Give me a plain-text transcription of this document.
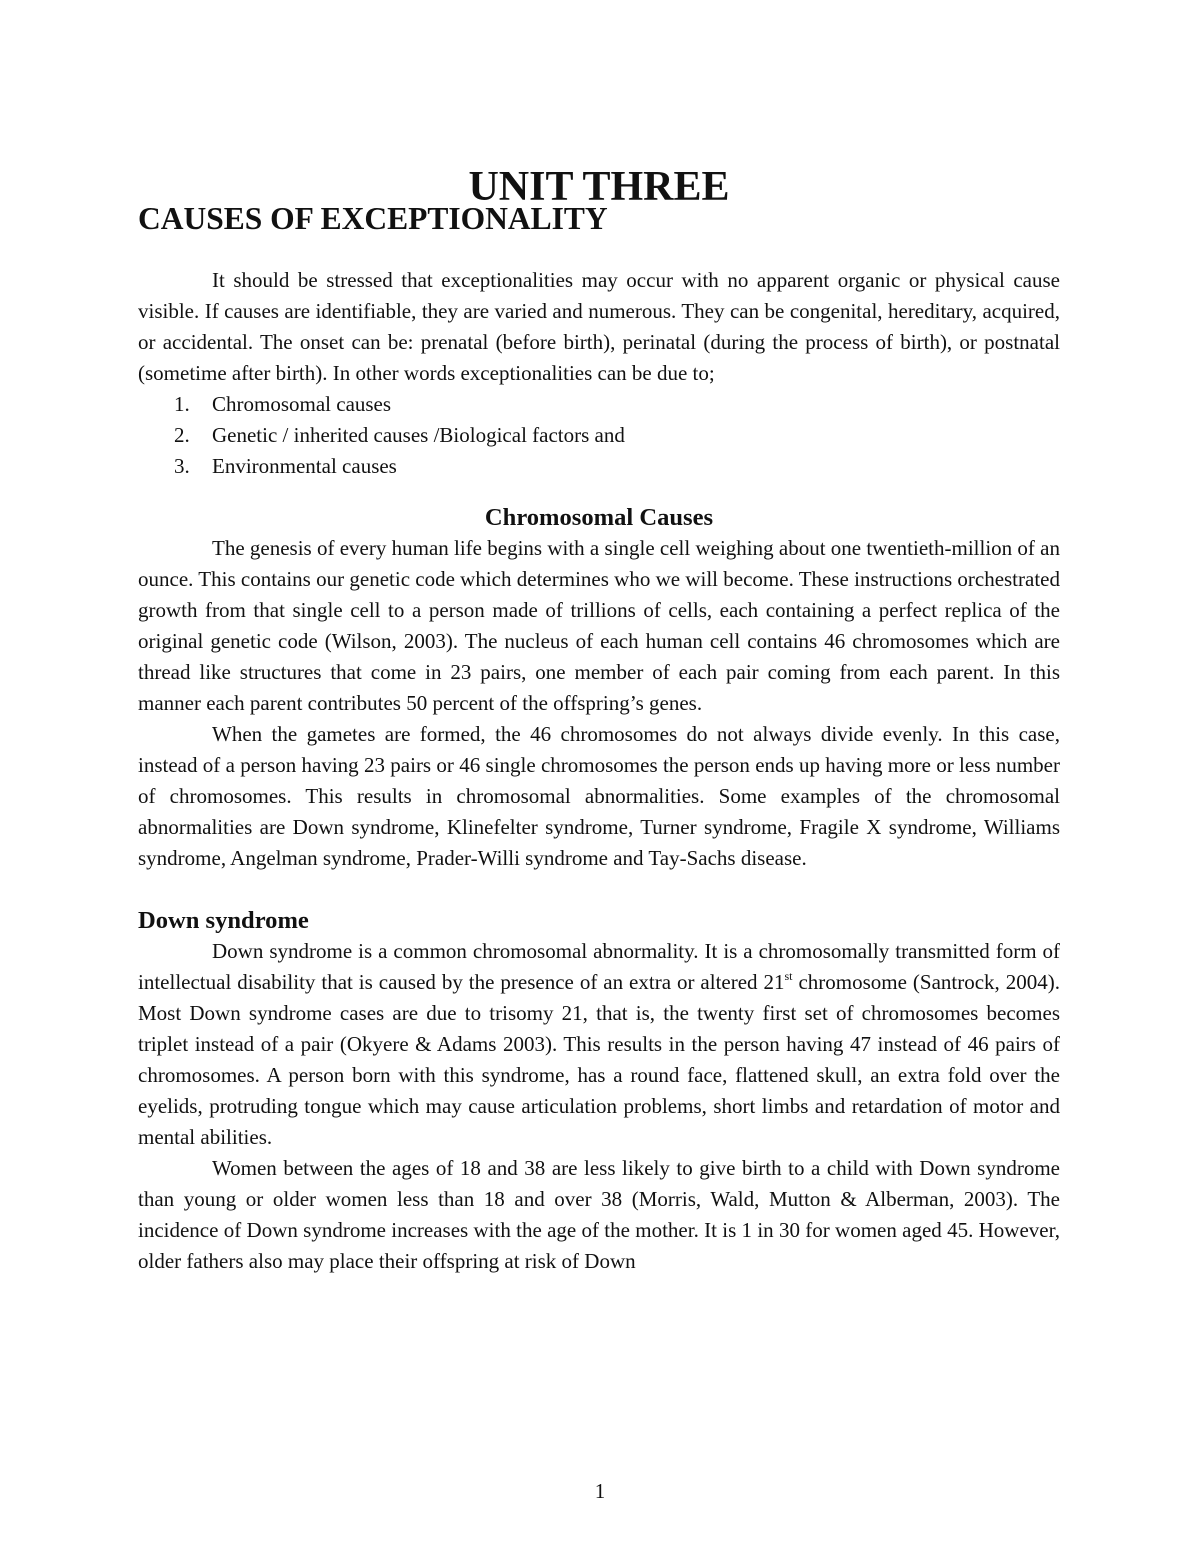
UNIT THREE
CAUSES OF EXCEPTIONALITY

It should be stressed that exceptionalities may occur with no apparent organic or physical cause visible. If causes are identifiable, they are varied and numerous. They can be congenital, hereditary, acquired, or accidental. The onset can be: prenatal (before birth), perinatal (during the process of birth), or postnatal (sometime after birth). In other words exceptionalities can be due to;

1. Chromosomal causes
2. Genetic / inherited causes /Biological factors and
3. Environmental causes
Chromosomal Causes

The genesis of every human life begins with a single cell weighing about one twentieth-million of an ounce. This contains our genetic code which determines who we will become. These instructions orchestrated growth from that single cell to a person made of trillions of cells, each containing a perfect replica of the original genetic code (Wilson, 2003). The nucleus of each human cell contains 46 chromosomes which are thread like structures that come in 23 pairs, one member of each pair coming from each parent. In this manner each parent contributes 50 percent of the offspring’s genes.

When the gametes are formed, the 46 chromosomes do not always divide evenly. In this case, instead of a person having 23 pairs or 46 single chromosomes the person ends up having more or less number of chromosomes. This results in chromosomal abnormalities. Some examples of the chromosomal abnormalities are Down syndrome, Klinefelter syndrome, Turner syndrome, Fragile X syndrome, Williams syndrome, Angelman syndrome, Prader-Willi syndrome and Tay-Sachs disease.

Down syndrome

Down syndrome is a common chromosomal abnormality. It is a chromosomally transmitted form of intellectual disability that is caused by the presence of an extra or altered 21st chromosome (Santrock, 2004). Most Down syndrome cases are due to trisomy 21, that is, the twenty first set of chromosomes becomes triplet instead of a pair (Okyere & Adams 2003). This results in the person having 47 instead of 46 pairs of chromosomes. A person born with this syndrome, has a round face, flattened skull, an extra fold over the eyelids, protruding tongue which may cause articulation problems, short limbs and retardation of motor and mental abilities.

Women between the ages of 18 and 38 are less likely to give birth to a child with Down syndrome than young or older women less than 18 and over 38 (Morris, Wald, Mutton & Alberman, 2003). The incidence of Down syndrome increases with the age of the mother. It is 1 in 30 for women aged 45. However, older fathers also may place their offspring at risk of Down

1
